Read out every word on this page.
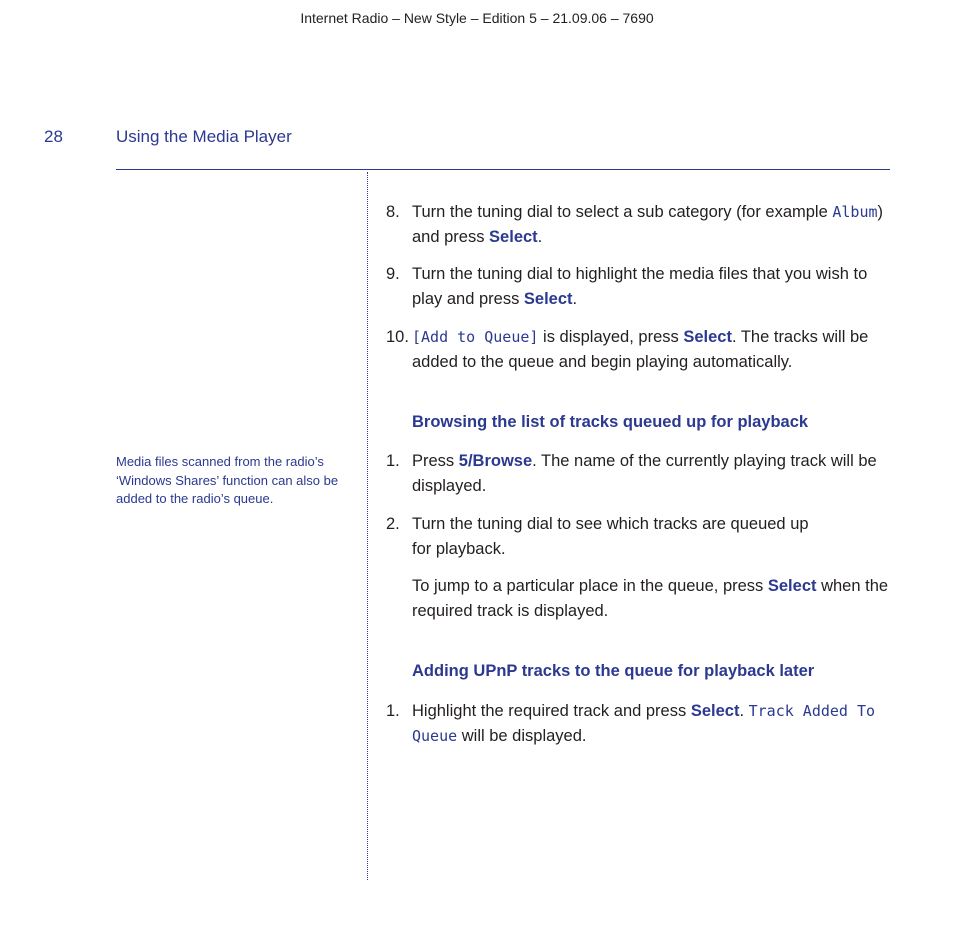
Internet Radio – New Style – Edition 5 – 21.09.06 – 7690
28	Using the Media Player
Media files scanned from the radio’s ‘Windows Shares’ function can also be added to the radio’s queue.
8. Turn the tuning dial to select a sub category (for example Album) and press Select.
9. Turn the tuning dial to highlight the media files that you wish to play and press Select.
10. [Add to Queue] is displayed, press Select. The tracks will be added to the queue and begin playing automatically.
Browsing the list of tracks queued up for playback
1. Press 5/Browse. The name of the currently playing track will be displayed.
2. Turn the tuning dial to see which tracks are queued up for playback.
To jump to a particular place in the queue, press Select when the required track is displayed.
Adding UPnP tracks to the queue for playback later
1. Highlight the required track and press Select. Track Added To Queue will be displayed.
